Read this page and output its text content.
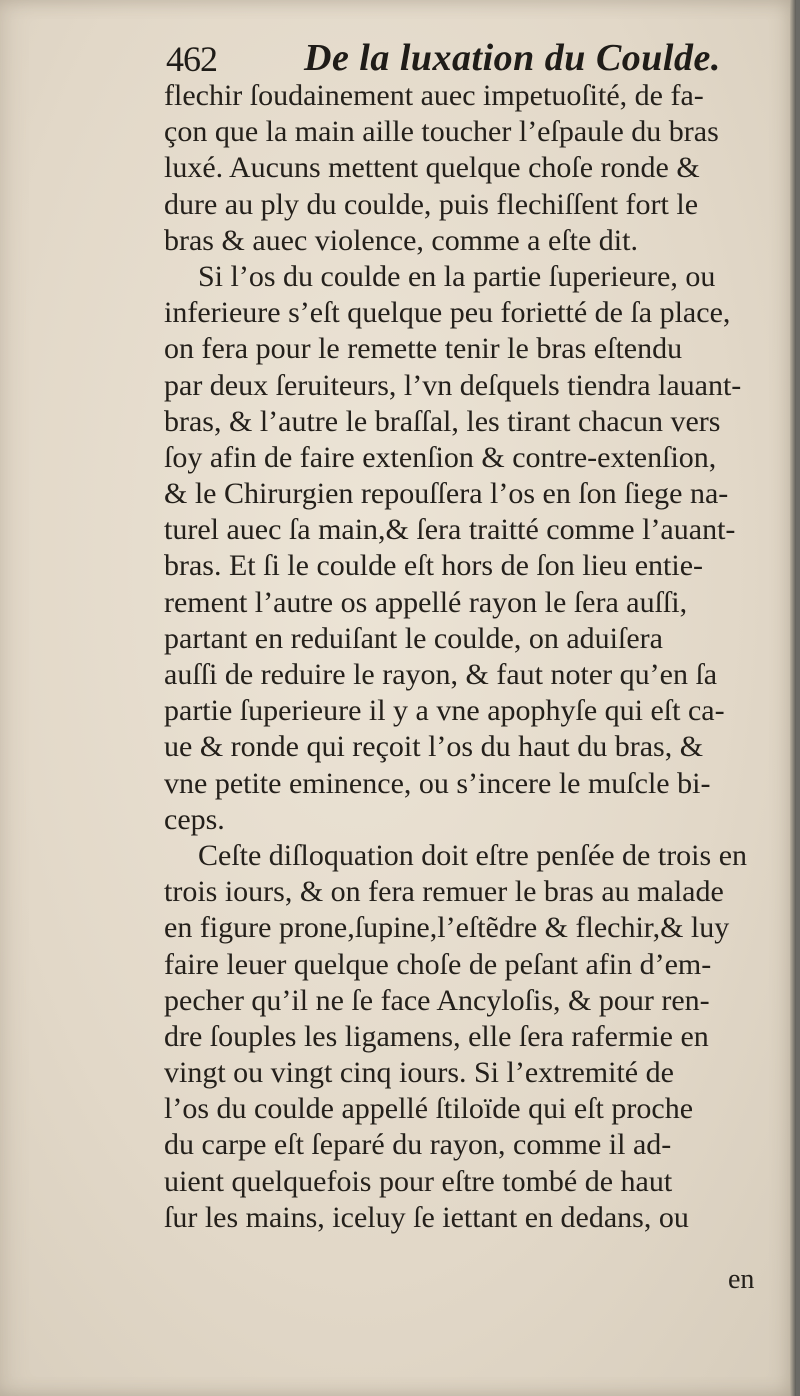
462 De la luxation du Coulde.
flechir ſoudainement auec impetuoſité, de fa-
çon que la main aille toucher l’eſpaule du bras
luxé. Aucuns mettent quelque choſe ronde &
dure au ply du coulde, puis flechiſſent fort le
bras & auec violence, comme a eſte dit.
Si l’os du coulde en la partie ſuperieure, ou
inferieure s’eſt quelque peu forietté de ſa place,
on fera pour le remette tenir le bras eſtendu
par deux ſeruiteurs, l’vn deſquels tiendra lauant-
bras, & l’autre le braſſal, les tirant chacun vers
ſoy afin de faire extenſion & contre-extenſion,
& le Chirurgien repouſſera l’os en ſon ſiege na-
turel auec ſa main,& ſera traitté comme l’auant-
bras. Et ſi le coulde eſt hors de ſon lieu entie-
rement l’autre os appellé rayon le ſera auſſi,
partant en reduiſant le coulde, on aduiſera
auſſi de reduire le rayon, & faut noter qu’en ſa
partie ſuperieure il y a vne apophyſe qui eſt ca-
ue & ronde qui reçoit l’os du haut du bras, &
vne petite eminence, ou s’incere le muſcle bi-
ceps.
Ceſte diſloquation doit eſtre penſée de trois en
trois iours, & on fera remuer le bras au malade
en figure prone,ſupine,l’eſtẽdre & flechir,& luy
faire leuer quelque choſe de peſant afin d’em-
pecher qu’il ne ſe face Ancyloſis, & pour ren-
dre ſouples les ligamens, elle ſera rafermie en
vingt ou vingt cinq iours. Si l’extremité de
l’os du coulde appellé ſtiloïde qui eſt proche
du carpe eſt ſeparé du rayon, comme il ad-
uient quelquefois pour eſtre tombé de haut
ſur les mains, iceluy ſe iettant en dedans, ou
en
